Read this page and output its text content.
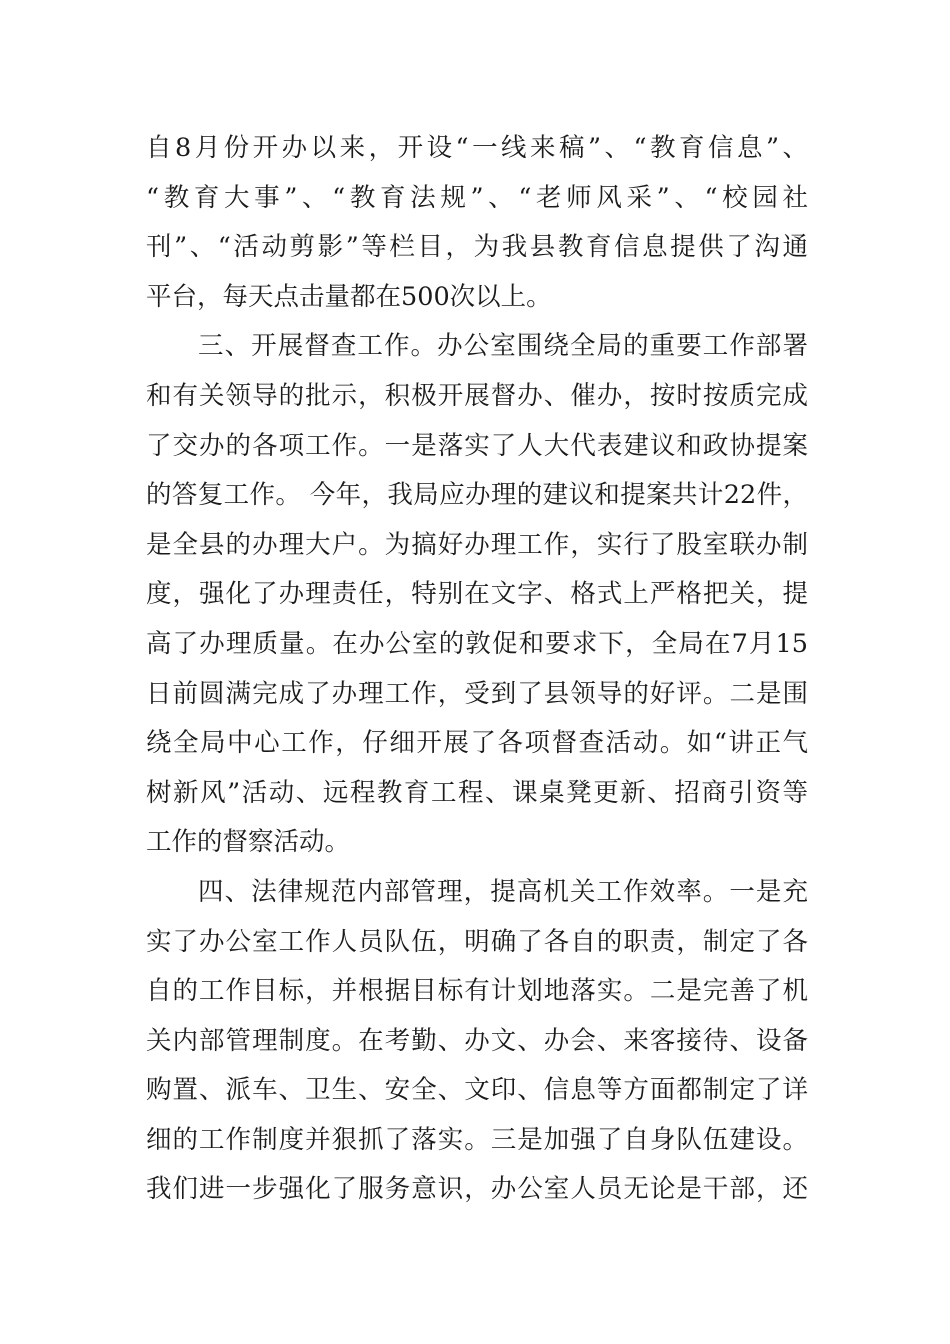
自8月份开办以来，开设“一线来稿”、“教育信息”、
“教育大事”、“教育法规”、“老师风采”、“校园社
刊”、“活动剪影”等栏目，为我县教育信息提供了沟通
平台，每天点击量都在500次以上。
三、开展督查工作。办公室围绕全局的重要工作部署
和有关领导的批示，积极开展督办、催办，按时按质完成
了交办的各项工作。一是落实了人大代表建议和政协提案
的答复工作。 今年，我局应办理的建议和提案共计22件，
是全县的办理大户。为搞好办理工作，实行了股室联办制
度，强化了办理责任，特别在文字、格式上严格把关，提
高了办理质量。在办公室的敦促和要求下，全局在7月15
日前圆满完成了办理工作，受到了县领导的好评。二是围
绕全局中心工作，仔细开展了各项督查活动。如“讲正气
树新风”活动、远程教育工程、课桌凳更新、招商引资等
工作的督察活动。
四、法律规范内部管理，提高机关工作效率。一是充
实了办公室工作人员队伍，明确了各自的职责，制定了各
自的工作目标，并根据目标有计划地落实。二是完善了机
关内部管理制度。在考勤、办文、办会、来客接待、设备
购置、派车、卫生、安全、文印、信息等方面都制定了详
细的工作制度并狠抓了落实。三是加强了自身队伍建设。
我们进一步强化了服务意识，办公室人员无论是干部，还
